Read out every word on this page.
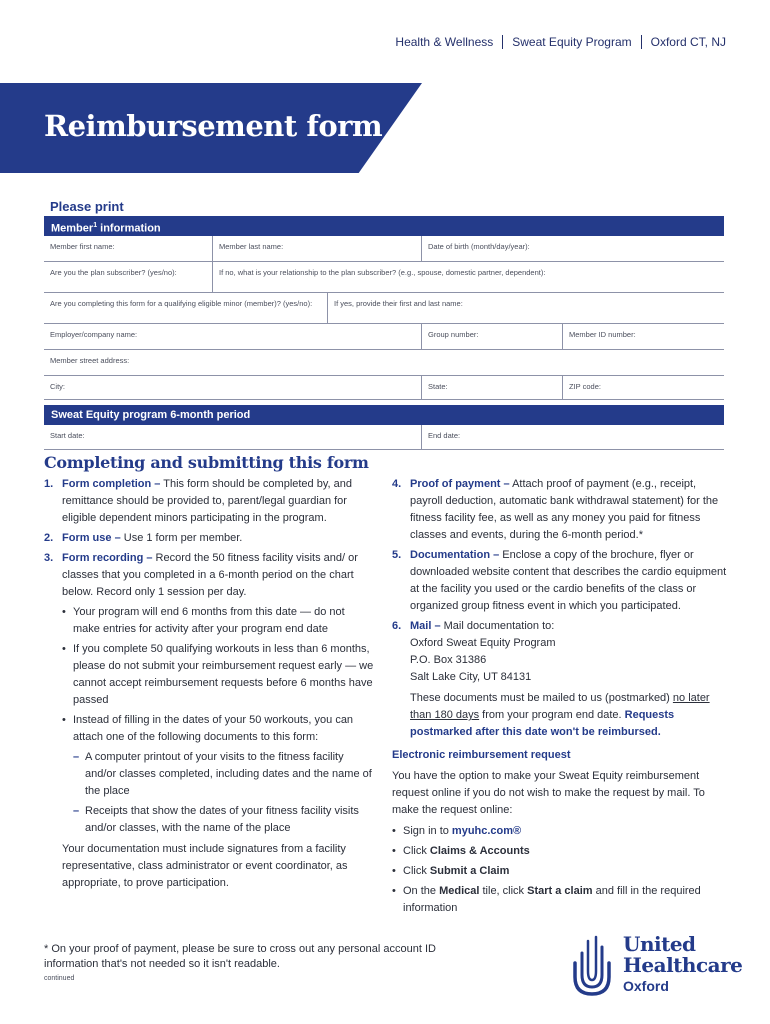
Health & Wellness Sweat Equity Program Oxford CT, NJ
Reimbursement form
Please print
Member$^1$ information
Member first name:	Member last name:	Date of birth (month/day/year):
Are you the plan subscriber? (yes/no):	If no, what is your relationship to the plan subscriber? (e.g., spouse, domestic partner, dependent):
Are you completing this form for a qualifying eligible minor (member)? (yes/no):	If yes, provide their first and last name:
Employer/company name:	Group number:	Member ID number:
Member street address:
City:	State:	ZIP code:
Sweat Equity program 6-month period
Start date:	End date:
Completing and submitting this form
1. Form completion – This form should be completed by, and remittance should be provided to, parent/legal guardian for eligible dependent minors participating in the program.
2. Form use – Use 1 form per member.
3. Form recording – Record the 50 fitness facility visits and/ or classes that you completed in a 6-month period on the chart below. Record only 1 session per day.
• Your program will end 6 months from this date — do not make entries for activity after your program end date
• If you complete 50 qualifying workouts in less than 6 months, please do not submit your reimbursement request early — we cannot accept reimbursement requests before 6 months have passed
• Instead of filling in the dates of your 50 workouts, you can attach one of the following documents to this form:
– A computer printout of your visits to the fitness facility and/or classes completed, including dates and the name of the place
– Receipts that show the dates of your fitness facility visits and/or classes, with the name of the place
Your documentation must include signatures from a facility representative, class administrator or event coordinator, as appropriate, to prove participation.
4. Proof of payment – Attach proof of payment (e.g., receipt, payroll deduction, automatic bank withdrawal statement) for the fitness facility fee, as well as any money you paid for fitness classes and events, during the 6-month period.*
5. Documentation – Enclose a copy of the brochure, flyer or downloaded website content that describes the cardio equipment at the facility you used or the cardio benefits of the class or organized group fitness event in which you participated.
6. Mail – Mail documentation to:
Oxford Sweat Equity Program
P.O. Box 31386
Salt Lake City, UT 84131
These documents must be mailed to us (postmarked) no later than 180 days from your program end date. Requests postmarked after this date won't be reimbursed.
Electronic reimbursement request
You have the option to make your Sweat Equity reimbursement request online if you do not wish to make the request by mail. To make the request online:
• Sign in to myuhc.com®
• Click Claims & Accounts
• Click Submit a Claim
• On the Medical tile, click Start a claim and fill in the required information
* On your proof of payment, please be sure to cross out any personal account ID information that's not needed so it isn't readable.
continued
United
Healthcare
Oxford
